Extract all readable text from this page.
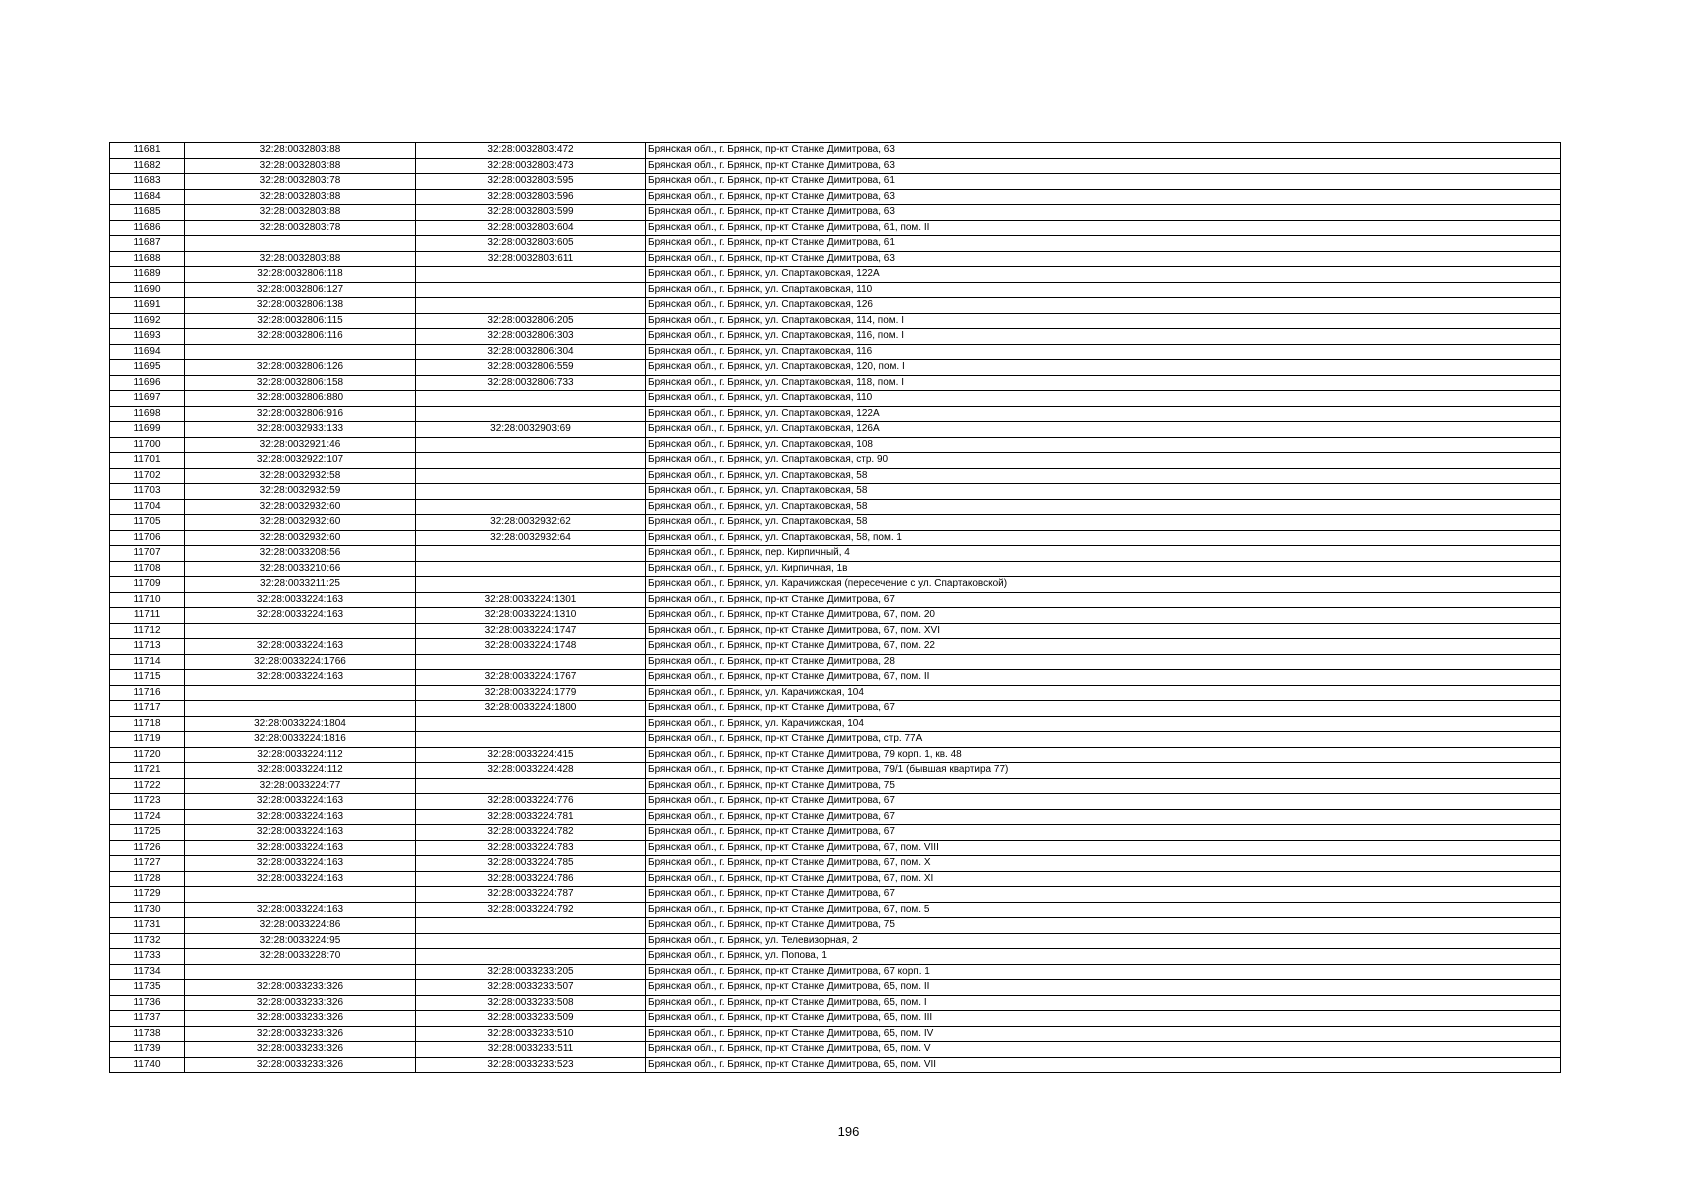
11681	32:28:0032803:88	32:28:0032803:472	Брянская обл., г. Брянск, пр-кт Станке Димитрова, 63
11682	32:28:0032803:88	32:28:0032803:473	Брянская обл., г. Брянск, пр-кт Станке Димитрова, 63
11683	32:28:0032803:78	32:28:0032803:595	Брянская обл., г. Брянск, пр-кт Станке Димитрова, 61
11684	32:28:0032803:88	32:28:0032803:596	Брянская обл., г. Брянск, пр-кт Станке Димитрова, 63
11685	32:28:0032803:88	32:28:0032803:599	Брянская обл., г. Брянск, пр-кт Станке Димитрова, 63
11686	32:28:0032803:78	32:28:0032803:604	Брянская обл., г. Брянск, пр-кт Станке Димитрова, 61, пом. II
11687		32:28:0032803:605	Брянская обл., г. Брянск, пр-кт Станке Димитрова, 61
11688	32:28:0032803:88	32:28:0032803:611	Брянская обл., г. Брянск, пр-кт Станке Димитрова, 63
11689	32:28:0032806:118		Брянская обл., г. Брянск, ул. Спартаковская, 122А
11690	32:28:0032806:127		Брянская обл., г. Брянск, ул. Спартаковская, 110
11691	32:28:0032806:138		Брянская обл., г. Брянск, ул. Спартаковская, 126
11692	32:28:0032806:115	32:28:0032806:205	Брянская обл., г. Брянск, ул. Спартаковская, 114, пом. I
11693	32:28:0032806:116	32:28:0032806:303	Брянская обл., г. Брянск, ул. Спартаковская, 116, пом. I
11694		32:28:0032806:304	Брянская обл., г. Брянск, ул. Спартаковская, 116
11695	32:28:0032806:126	32:28:0032806:559	Брянская обл., г. Брянск, ул. Спартаковская, 120, пом. I
11696	32:28:0032806:158	32:28:0032806:733	Брянская обл., г. Брянск, ул. Спартаковская, 118, пом. I
11697	32:28:0032806:880		Брянская обл., г. Брянск, ул. Спартаковская, 110
11698	32:28:0032806:916		Брянская обл., г. Брянск, ул. Спартаковская, 122А
11699	32:28:0032933:133	32:28:0032903:69	Брянская обл., г. Брянск, ул. Спартаковская, 126А
11700	32:28:0032921:46		Брянская обл., г. Брянск, ул. Спартаковская, 108
11701	32:28:0032922:107		Брянская обл., г. Брянск, ул. Спартаковская, стр. 90
11702	32:28:0032932:58		Брянская обл., г. Брянск, ул. Спартаковская, 58
11703	32:28:0032932:59		Брянская обл., г. Брянск, ул. Спартаковская, 58
11704	32:28:0032932:60		Брянская обл., г. Брянск, ул. Спартаковская, 58
11705	32:28:0032932:60	32:28:0032932:62	Брянская обл., г. Брянск, ул. Спартаковская, 58
11706	32:28:0032932:60	32:28:0032932:64	Брянская обл., г. Брянск, ул. Спартаковская, 58, пом. 1
11707	32:28:0033208:56		Брянская обл., г. Брянск, пер. Кирпичный, 4
11708	32:28:0033210:66		Брянская обл., г. Брянск, ул. Кирпичная, 1в
11709	32:28:0033211:25		Брянская обл., г. Брянск, ул. Карачижская (пересечение с ул. Спартаковской)
11710	32:28:0033224:163	32:28:0033224:1301	Брянская обл., г. Брянск, пр-кт Станке Димитрова, 67
11711	32:28:0033224:163	32:28:0033224:1310	Брянская обл., г. Брянск, пр-кт Станке Димитрова, 67, пом. 20
11712		32:28:0033224:1747	Брянская обл., г. Брянск, пр-кт Станке Димитрова, 67, пом. XVI
11713	32:28:0033224:163	32:28:0033224:1748	Брянская обл., г. Брянск, пр-кт Станке Димитрова, 67, пом. 22
11714	32:28:0033224:1766		Брянская обл., г. Брянск, пр-кт Станке Димитрова, 28
11715	32:28:0033224:163	32:28:0033224:1767	Брянская обл., г. Брянск, пр-кт Станке Димитрова, 67, пом. II
11716		32:28:0033224:1779	Брянская обл., г. Брянск, ул. Карачижская, 104
11717		32:28:0033224:1800	Брянская обл., г. Брянск, пр-кт Станке Димитрова, 67
11718	32:28:0033224:1804		Брянская обл., г. Брянск, ул. Карачижская, 104
11719	32:28:0033224:1816		Брянская обл., г. Брянск, пр-кт Станке Димитрова, стр. 77А
11720	32:28:0033224:112	32:28:0033224:415	Брянская обл., г. Брянск, пр-кт Станке Димитрова, 79 корп. 1, кв. 48
11721	32:28:0033224:112	32:28:0033224:428	Брянская обл., г. Брянск, пр-кт Станке Димитрова, 79/1 (бывшая квартира 77)
11722	32:28:0033224:77		Брянская обл., г. Брянск, пр-кт Станке Димитрова, 75
11723	32:28:0033224:163	32:28:0033224:776	Брянская обл., г. Брянск, пр-кт Станке Димитрова, 67
11724	32:28:0033224:163	32:28:0033224:781	Брянская обл., г. Брянск, пр-кт Станке Димитрова, 67
11725	32:28:0033224:163	32:28:0033224:782	Брянская обл., г. Брянск, пр-кт Станке Димитрова, 67
11726	32:28:0033224:163	32:28:0033224:783	Брянская обл., г. Брянск, пр-кт Станке Димитрова, 67, пом. VIII
11727	32:28:0033224:163	32:28:0033224:785	Брянская обл., г. Брянск, пр-кт Станке Димитрова, 67, пом. X
11728	32:28:0033224:163	32:28:0033224:786	Брянская обл., г. Брянск, пр-кт Станке Димитрова, 67, пом. XI
11729		32:28:0033224:787	Брянская обл., г. Брянск, пр-кт Станке Димитрова, 67
11730	32:28:0033224:163	32:28:0033224:792	Брянская обл., г. Брянск, пр-кт Станке Димитрова, 67, пом. 5
11731	32:28:0033224:86		Брянская обл., г. Брянск, пр-кт Станке Димитрова, 75
11732	32:28:0033224:95		Брянская обл., г. Брянск, ул. Телевизорная, 2
11733	32:28:0033228:70		Брянская обл., г. Брянск, ул. Попова, 1
11734		32:28:0033233:205	Брянская обл., г. Брянск, пр-кт Станке Димитрова, 67 корп. 1
11735	32:28:0033233:326	32:28:0033233:507	Брянская обл., г. Брянск, пр-кт Станке Димитрова, 65, пом. II
11736	32:28:0033233:326	32:28:0033233:508	Брянская обл., г. Брянск, пр-кт Станке Димитрова, 65, пом. I
11737	32:28:0033233:326	32:28:0033233:509	Брянская обл., г. Брянск, пр-кт Станке Димитрова, 65, пом. III
11738	32:28:0033233:326	32:28:0033233:510	Брянская обл., г. Брянск, пр-кт Станке Димитрова, 65, пом. IV
11739	32:28:0033233:326	32:28:0033233:511	Брянская обл., г. Брянск, пр-кт Станке Димитрова, 65, пом. V
11740	32:28:0033233:326	32:28:0033233:523	Брянская обл., г. Брянск, пр-кт Станке Димитрова, 65, пом. VII
196
